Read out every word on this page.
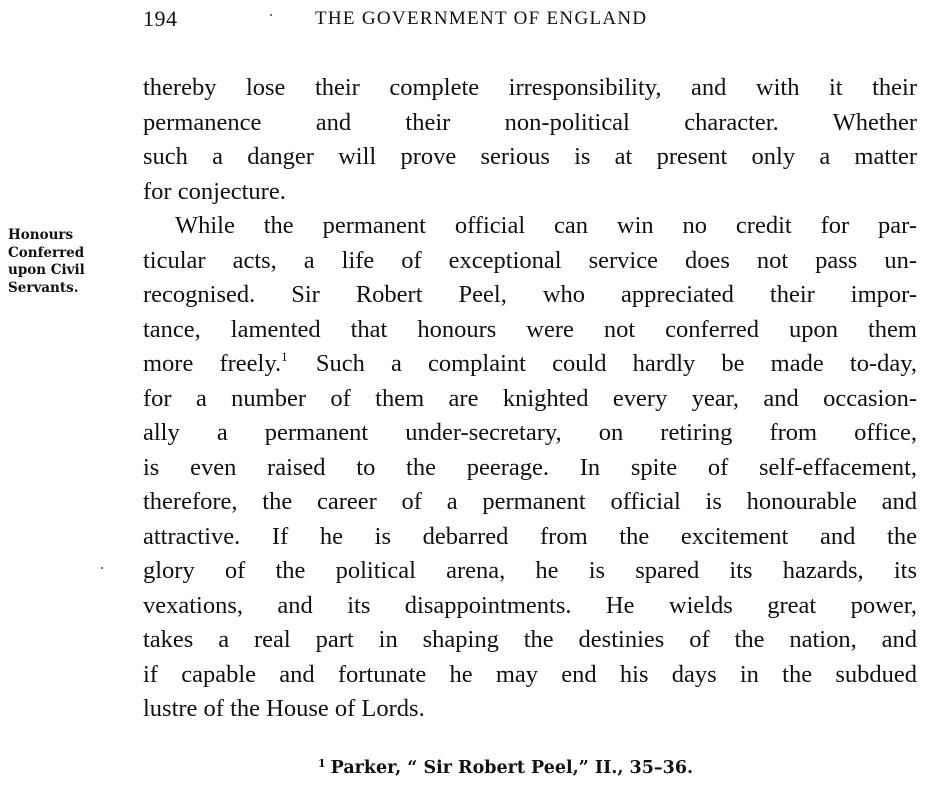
194	THE GOVERNMENT OF ENGLAND
Honours
Conferred
upon Civil
Servants.
thereby lose their complete irresponsibility, and with it their
permanence and their non-political character. Whether
such a danger will prove serious is at present only a matter
for conjecture.
While the permanent official can win no credit for par-
ticular acts, a life of exceptional service does not pass un-
recognised. Sir Robert Peel, who appreciated their impor-
tance, lamented that honours were not conferred upon them
more freely.$^1$ Such a complaint could hardly be made to-day,
for a number of them are knighted every year, and occasion-
ally a permanent under-secretary, on retiring from office,
is even raised to the peerage. In spite of self-effacement,
therefore, the career of a permanent official is honourable and
attractive. If he is debarred from the excitement and the
glory of the political arena, he is spared its hazards, its
vexations, and its disappointments. He wields great power,
takes a real part in shaping the destinies of the nation, and
if capable and fortunate he may end his days in the subdued
lustre of the House of Lords.
$^1$ Parker, “ Sir Robert Peel,” II., 35–36.
